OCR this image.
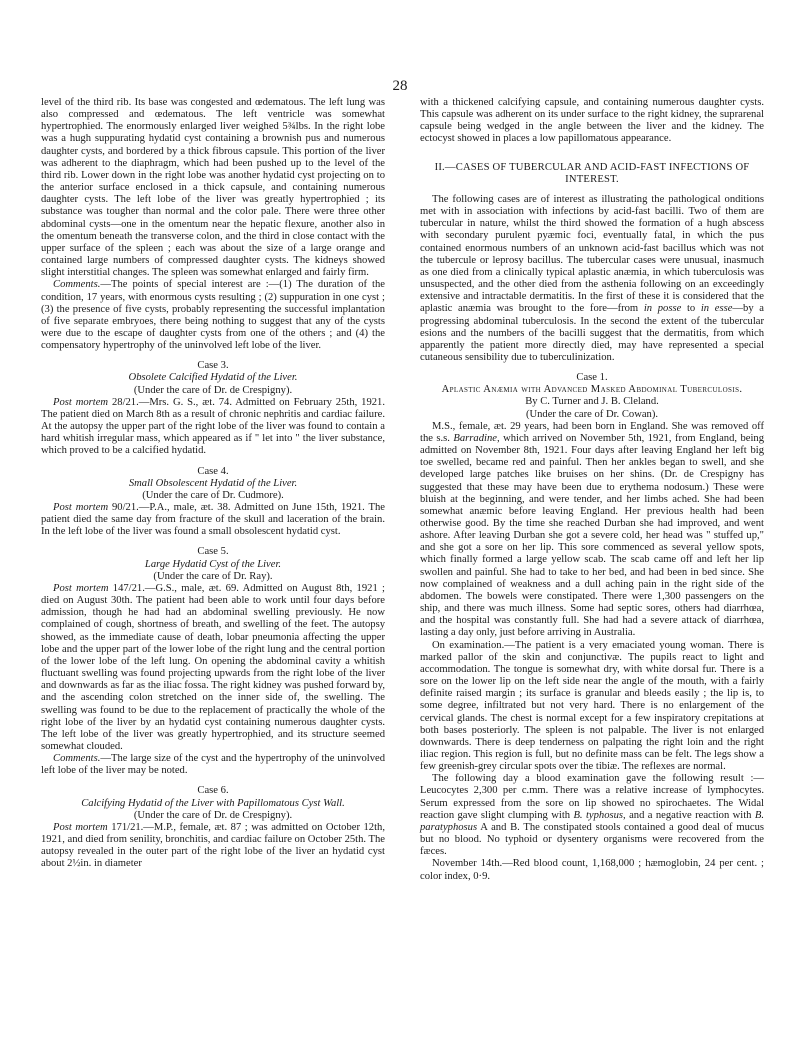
28

level of the third rib. Its base was congested and œdematous. The left lung was also compressed and œdematous. The left ventricle was somewhat hypertrophied. The enormously enlarged liver weighed 5¾lbs. In the right lobe was a hugh suppurating hydatid cyst containing a brownish pus and numerous daughter cysts, and bordered by a thick fibrous capsule. This portion of the liver was adherent to the diaphragm, which had been pushed up to the level of the third rib. Lower down in the right lobe was another hydatid cyst projecting on to the anterior surface enclosed in a thick capsule, and containing numerous daughter cysts. The left lobe of the liver was greatly hypertrophied ; its substance was tougher than normal and the color pale. There were three other abdominal cysts—one in the omentum near the hepatic flexure, another also in the omentum beneath the transverse colon, and the third in close contact with the upper surface of the spleen ; each was about the size of a large orange and contained large numbers of compressed daughter cysts. The kidneys showed slight interstitial changes. The spleen was somewhat enlarged and fairly firm.

Comments.—The points of special interest are :—(1) The duration of the condition, 17 years, with enormous cysts resulting ; (2) suppuration in one cyst ; (3) the presence of five cysts, probably representing the successful implantation of five separate embryoes, there being nothing to suggest that any of the cysts were due to the escape of daughter cysts from one of the others ; and (4) the compensatory hypertrophy of the uninvolved left lobe of the liver.

Case 3.

Obsolete Calcified Hydatid of the Liver.

(Under the care of Dr. de Crespigny).

Post mortem 28/21.—Mrs. G. S., æt. 74. Admitted on February 25th, 1921. The patient died on March 8th as a result of chronic nephritis and cardiac failure. At the autopsy the upper part of the right lobe of the liver was found to contain a hard whitish irregular mass, which appeared as if " let into " the liver substance, which proved to be a calcified hydatid.

Case 4.

Small Obsolescent Hydatid of the Liver.

(Under the care of Dr. Cudmore).

Post mortem 90/21.—P.A., male, æt. 38. Admitted on June 15th, 1921. The patient died the same day from fracture of the skull and laceration of the brain. In the left lobe of the liver was found a small obsolescent hydatid cyst.

Case 5.

Large Hydatid Cyst of the Liver.

(Under the care of Dr. Ray).

Post mortem 147/21.—G.S., male, æt. 69. Admitted on August 8th, 1921 ; died on August 30th. The patient had been able to work until four days before admission, though he had had an abdominal swelling previously. He now complained of cough, shortness of breath, and swelling of the feet. The autopsy showed, as the immediate cause of death, lobar pneumonia affecting the upper lobe and the upper part of the lower lobe of the right lung and the central portion of the lower lobe of the left lung. On opening the abdominal cavity a whitish fluctuant swelling was found projecting upwards from the right lobe of the liver and downwards as far as the iliac fossa. The right kidney was pushed forward by, and the ascending colon stretched on the inner side of, the swelling. The swelling was found to be due to the replacement of practically the whole of the right lobe of the liver by an hydatid cyst containing numerous daughter cysts. The left lobe of the liver was greatly hypertrophied, and its structure seemed somewhat clouded.

Comments.—The large size of the cyst and the hypertrophy of the uninvolved left lobe of the liver may be noted.

Case 6.

Calcifying Hydatid of the Liver with Papillomatous Cyst Wall.

(Under the care of Dr. de Crespigny).

Post mortem 171/21.—M.P., female, æt. 87 ; was admitted on October 12th, 1921, and died from senility, bronchitis, and cardiac failure on October 25th. The autopsy revealed in the outer part of the right lobe of the liver an hydatid cyst about 2½in. in diameter

with a thickened calcifying capsule, and containing numerous daughter cysts. This capsule was adherent on its under surface to the right kidney, the suprarenal capsule being wedged in the angle between the liver and the kidney. The ectocyst showed in places a low papillomatous appearance.

II.—CASES OF TUBERCULAR AND ACID-FAST INFECTIONS OF INTEREST.

The following cases are of interest as illustrating the pathological onditions met with in association with infections by acid-fast bacilli. Two of them are tubercular in nature, whilst the third showed the formation of a hugh abscess with secondary purulent pyæmic foci, eventually fatal, in which the pus contained enormous numbers of an unknown acid-fast bacillus which was not the tubercule or leprosy bacillus. The tubercular cases were unusual, inasmuch as one died from a clinically typical aplastic anæmia, in which tuberculosis was unsuspected, and the other died from the asthenia following on an exceedingly extensive and intractable dermatitis. In the first of these it is considered that the aplastic anæmia was brought to the fore—from in posse to in esse—by a progressing abdominal tuberculosis. In the second the extent of the tubercular esions and the numbers of the bacilli suggest that the dermatitis, from which apparently the patient more directly died, may have represented a special cutaneous sensibility due to tuberculinization.

Case 1.

Aplastic Anæmia with Advanced Masked Abdominal Tuberculosis.

By C. Turner and J. B. Cleland.

(Under the care of Dr. Cowan).

M.S., female, æt. 29 years, had been born in England. She was removed off the s.s. Barradine, which arrived on November 5th, 1921, from England, being admitted on November 8th, 1921. Four days after leaving England her left big toe swelled, became red and painful. Then her ankles began to swell, and she developed large patches like bruises on her shins. (Dr. de Crespigny has suggested that these may have been due to erythema nodosum.) These were bluish at the beginning, and were tender, and her limbs ached. She had been somewhat anæmic before leaving England. Her previous health had been otherwise good. By the time she reached Durban she had improved, and went ashore. After leaving Durban she got a severe cold, her head was " stuffed up," and she got a sore on her lip. This sore commenced as several yellow spots, which finally formed a large yellow scab. The scab came off and left her lip swollen and painful. She had to take to her bed, and had been in bed since. She now complained of weakness and a dull aching pain in the right side of the abdomen. The bowels were constipated. There were 1,300 passengers on the ship, and there was much illness. Some had septic sores, others had diarrhœa, and the hospital was constantly full. She had had a severe attack of diarrhœa, lasting a day only, just before arriving in Australia.

On examination.—The patient is a very emaciated young woman. There is marked pallor of the skin and conjunctivæ. The pupils react to light and accommodation. The tongue is somewhat dry, with white dorsal fur. There is a sore on the lower lip on the left side near the angle of the mouth, with a fairly definite raised margin ; its surface is granular and bleeds easily ; the lip is, to some degree, infiltrated but not very hard. There is no enlargement of the cervical glands. The chest is normal except for a few inspiratory crepitations at both bases posteriorly. The spleen is not palpable. The liver is not enlarged downwards. There is deep tenderness on palpating the right loin and the right iliac region. This region is full, but no definite mass can be felt. The legs show a few greenish-grey circular spots over the tibiæ. The reflexes are normal.

The following day a blood examination gave the following result :—Leucocytes 2,300 per c.mm. There was a relative increase of lymphocytes. Serum expressed from the sore on lip showed no spirochaetes. The Widal reaction gave slight clumping with B. typhosus, and a negative reaction with B. paratyphosus A and B. The constipated stools contained a good deal of mucus but no blood. No typhoid or dysentery organisms were recovered from the fæces.

November 14th.—Red blood count, 1,168,000 ; hæmoglobin, 24 per cent. ; color index, 0·9.
